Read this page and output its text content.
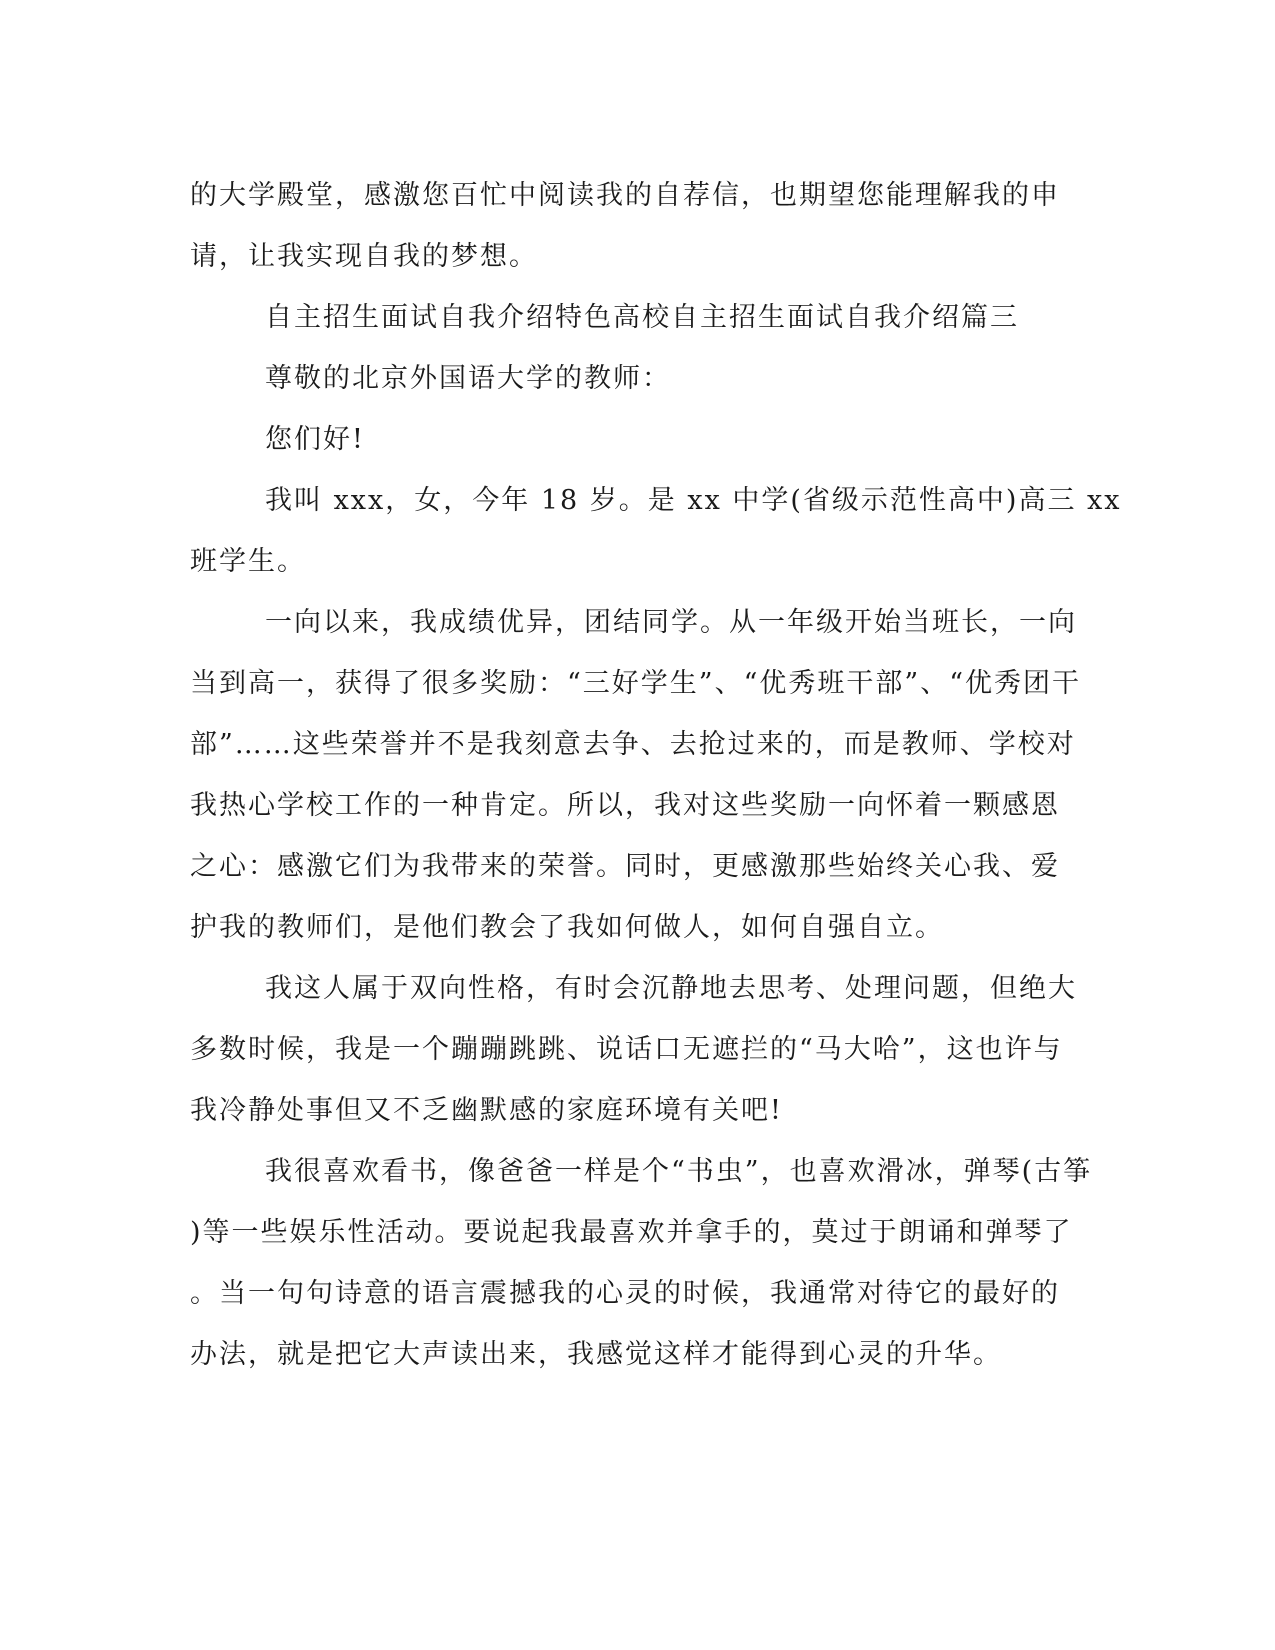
的大学殿堂，感激您百忙中阅读我的自荐信，也期望您能理解我的申
请，让我实现自我的梦想。
自主招生面试自我介绍特色高校自主招生面试自我介绍篇三
尊敬的北京外国语大学的教师：
您们好!
我叫 xxx，女，今年 18 岁。是 xx 中学(省级示范性高中)高三 xx
班学生。
一向以来，我成绩优异，团结同学。从一年级开始当班长，一向
当到高一，获得了很多奖励：“三好学生”、“优秀班干部”、“优秀团干
部”……这些荣誉并不是我刻意去争、去抢过来的，而是教师、学校对
我热心学校工作的一种肯定。所以，我对这些奖励一向怀着一颗感恩
之心：感激它们为我带来的荣誉。同时，更感激那些始终关心我、爱
护我的教师们，是他们教会了我如何做人，如何自强自立。
我这人属于双向性格，有时会沉静地去思考、处理问题，但绝大
多数时候，我是一个蹦蹦跳跳、说话口无遮拦的“马大哈”，这也许与
我冷静处事但又不乏幽默感的家庭环境有关吧!
我很喜欢看书，像爸爸一样是个“书虫”，也喜欢滑冰，弹琴(古筝
)等一些娱乐性活动。要说起我最喜欢并拿手的，莫过于朗诵和弹琴了
。当一句句诗意的语言震撼我的心灵的时候，我通常对待它的最好的
办法，就是把它大声读出来，我感觉这样才能得到心灵的升华。
